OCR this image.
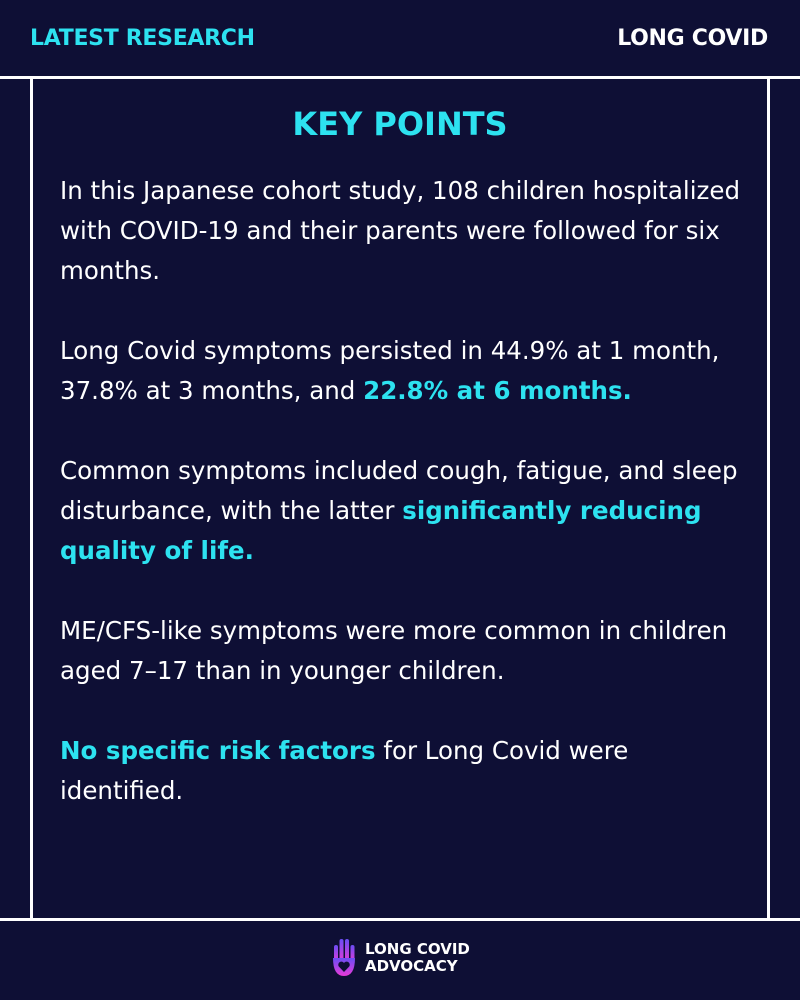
LATEST RESEARCH	LONG COVID
KEY POINTS
In this Japanese cohort study, 108 children hospitalized with COVID-19 and their parents were followed for six months.
Long Covid symptoms persisted in 44.9% at 1 month, 37.8% at 3 months, and 22.8% at 6 months.
Common symptoms included cough, fatigue, and sleep disturbance, with the latter significantly reducing quality of life.
ME/CFS-like symptoms were more common in children aged 7–17 than in younger children.
No specific risk factors for Long Covid were identified.
LONG COVID
ADVOCACY
